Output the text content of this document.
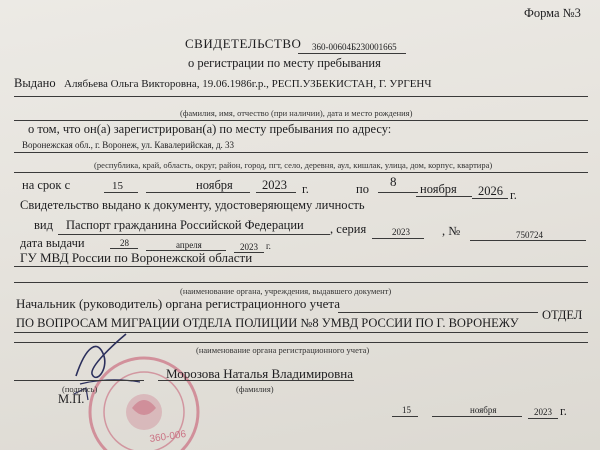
Форма №3
СВИДЕТЕЛЬСТВО 360-00604Б230001665
о регистрации по месту пребывания
Выдано Алябьева Ольга Викторовна, 19.06.1986г.р., РЕСП.УЗБЕКИСТАН, Г. УРГЕНЧ
(фамилия, имя, отчество (при наличии), дата и место рождения)
о том, что он(а) зарегистрирован(а) по месту пребывания по адресу:
Воронежская обл., г. Воронеж, ул. Кавалерийская, д. 33
(республика, край, область, округ, район, город, пгт, село, деревня, аул, кишлак, улица, дом, корпус, квартира)
на срок с	15	ноября 2023 г.	по 8 ноября 2026 г.
Свидетельство выдано к документу, удостоверяющему личность
вид Паспорт гражданина Российской Федерации , серия	2023	, №	750724
дата выдачи	28	апреля	2023 г.
ГУ МВД России по Воронежской области
(наименование органа, учреждения, выдавшего документ)
Начальник (руководитель) органа регистрационного учета
ОТДЕЛ
ПО ВОПРОСАМ МИГРАЦИИ ОТДЕЛА ПОЛИЦИИ №8 УМВД РОССИИ ПО Г. ВОРОНЕЖУ
(наименование органа регистрационного учета)
360-006
Морозова Наталья Владимировна
(подпись)	(фамилия)
М.П.
15	ноября	2023 г.
